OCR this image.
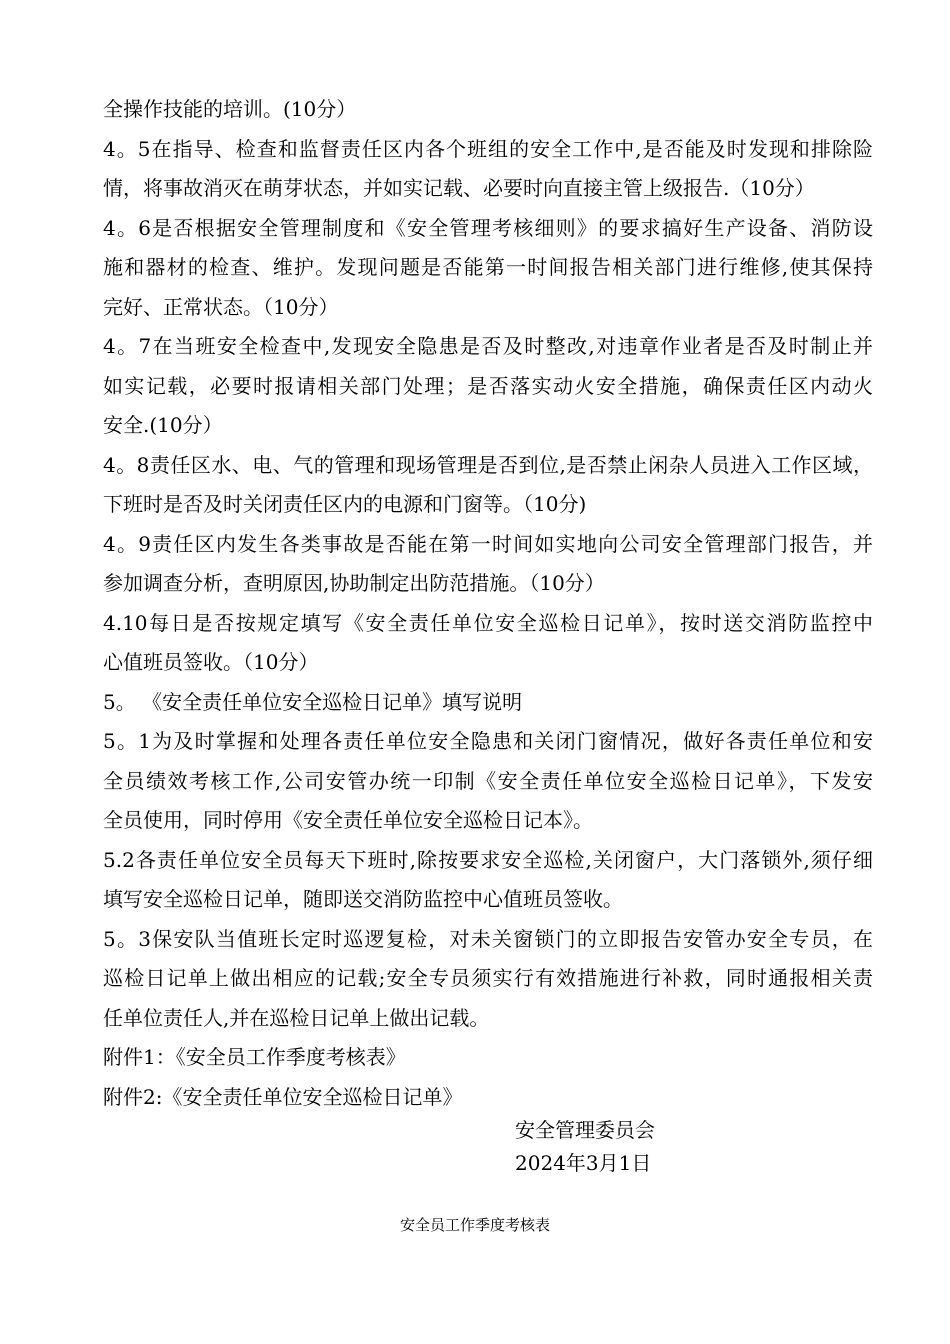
全操作技能的培训。(10分）
4。5在指导、检查和监督责任区内各个班组的安全工作中,是否能及时发现和排除险
情，将事故消灭在萌芽状态，并如实记载、必要时向直接主管上级报告.（10分）
4。6是否根据安全管理制度和《安全管理考核细则》的要求搞好生产设备、消防设
施和器材的检查、维护。发现问题是否能第一时间报告相关部门进行维修,使其保持
完好、正常状态。（10分）
4。7在当班安全检查中,发现安全隐患是否及时整改,对违章作业者是否及时制止并
如实记载，必要时报请相关部门处理；是否落实动火安全措施，确保责任区内动火
安全.(10分）
4。8责任区水、电、气的管理和现场管理是否到位,是否禁止闲杂人员进入工作区域，
下班时是否及时关闭责任区内的电源和门窗等。（10分)
4。9责任区内发生各类事故是否能在第一时间如实地向公司安全管理部门报告，并
参加调查分析，查明原因,协助制定出防范措施。（10分）
4.10每日是否按规定填写《安全责任单位安全巡检日记单》，按时送交消防监控中
心值班员签收。（10分）
5。 《安全责任单位安全巡检日记单》填写说明
5。1为及时掌握和处理各责任单位安全隐患和关闭门窗情况，做好各责任单位和安
全员绩效考核工作,公司安管办统一印制《安全责任单位安全巡检日记单》，下发安
全员使用，同时停用《安全责任单位安全巡检日记本》。
5.2各责任单位安全员每天下班时,除按要求安全巡检,关闭窗户，大门落锁外,须仔细
填写安全巡检日记单，随即送交消防监控中心值班员签收。
5。3保安队当值班长定时巡逻复检，对未关窗锁门的立即报告安管办安全专员，在
巡检日记单上做出相应的记载;安全专员须实行有效措施进行补救，同时通报相关责
任单位责任人,并在巡检日记单上做出记载。
附件1：《安全员工作季度考核表》
附件2:《安全责任单位安全巡检日记单》
安全管理委员会
2024年3月1日
安全员工作季度考核表
